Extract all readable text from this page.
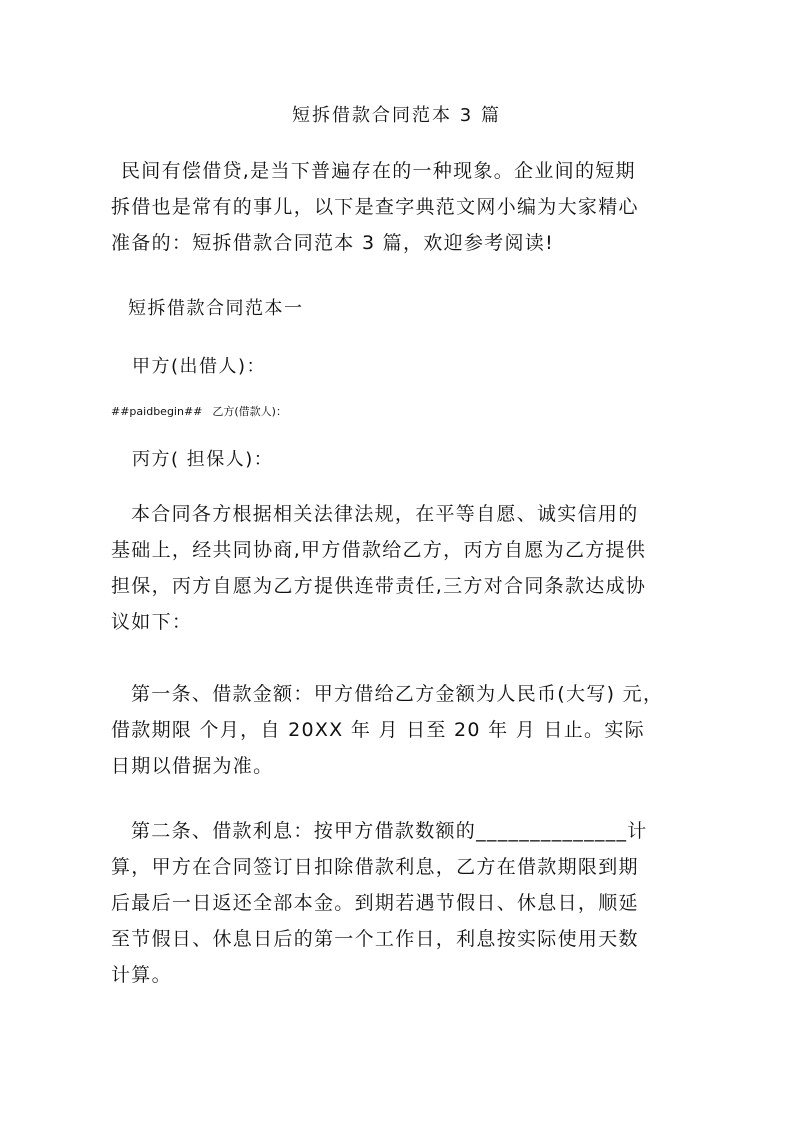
短拆借款合同范本 3 篇
民间有偿借贷,是当下普遍存在的一种现象。企业间的短期
拆借也是常有的事儿，以下是查字典范文网小编为大家精心
准备的：短拆借款合同范本 3 篇，欢迎参考阅读!
短拆借款合同范本一
甲方(出借人)：
##paidbegin## 乙方(借款人)：
丙方( 担保人)：
本合同各方根据相关法律法规，在平等自愿、诚实信用的
基础上，经共同协商,甲方借款给乙方，丙方自愿为乙方提供
担保，丙方自愿为乙方提供连带责任,三方对合同条款达成协
议如下：
第一条、借款金额：甲方借给乙方金额为人民币(大写) 元，
借款期限 个月，自 20XX 年 月 日至 20 年 月 日止。实际
日期以借据为准。
第二条、借款利息：按甲方借款数额的______________计
算，甲方在合同签订日扣除借款利息，乙方在借款期限到期
后最后一日返还全部本金。到期若遇节假日、休息日，顺延
至节假日、休息日后的第一个工作日，利息按实际使用天数
计算。
